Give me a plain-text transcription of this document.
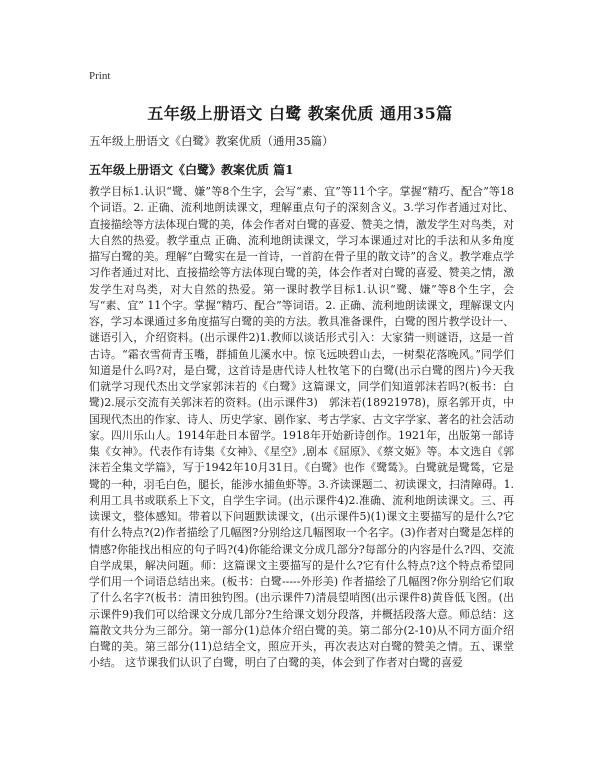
Print
五年级上册语文 白鹭 教案优质 通用35篇
五年级上册语文《白鹭》教案优质（通用35篇）
五年级上册语文《白鹭》教案优质 篇1
教学目标1.认识“鹭、嫌”等8个生字，会写“素、宜”等11个字。掌握“精巧、配合”等18个词语。2. 正确、流利地朗读课文，理解重点句子的深刻含义。3.学习作者通过对比、直接描绘等方法体现白鹭的美，体会作者对白鹭的喜爱、赞美之情，激发学生对鸟类，对大自然的热爱。教学重点 正确、流利地朗读课文，学习本课通过对比的手法和从多角度描写白鹭的美。理解“白鹭实在是一首诗，一首韵在骨子里的散文诗”的含义。教学难点学习作者通过对比、直接描绘等方法体现白鹭的美，体会作者对白鹭的喜爱、赞美之情，激发学生对鸟类，对大自然的热爱。第一课时教学目标1.认识“鹭、嫌”等8个生字，会写“素、宜” 11个字。掌握“精巧、配合”等词语。2. 正确、流利地朗读课文，理解课文内容，学习本课通过多角度描写白鹭的美的方法。教具准备课件，白鹭的图片教学设计一、谜语引入，介绍资料。(出示课件2)1.教师以谈话形式引入：大家猜一则谜语，这是一首古诗。“霜衣雪荷青玉嘴，群捕鱼儿溪水中。惊飞远映碧山去，一树梨花落晚风。”同学们知道是什么吗?对，是白鹭，这首诗是唐代诗人杜牧笔下的白鹭(出示白鹭的图片)今天我们就学习现代杰出文学家郭沫若的《白鹭》这篇课文，同学们知道郭沫若吗?(板书：白鹭)2.展示交流有关郭沫若的资料。(出示课件3)　郭沫若(18921978)，原名郭开贞，中国现代杰出的作家、诗人、历史学家、剧作家、考古学家、古文字学家、著名的社会活动家。四川乐山人。1914年赴日本留学。1918年开始新诗创作。1921年，出版第一部诗集《女神》。代表作有诗集《女神》、《星空》,剧本《屈原》、《蔡文姬》等。本文选自《郭沫若全集文学篇》，写于1942年10月31日。《白鹭》也作《鹭鸶》。白鹭就是鹭鸶，它是鹭的一种，羽毛白色，腿长，能涉水捕鱼虾等。3.齐读课题二、初读课文，扫清障碍。1.利用工具书或联系上下文，自学生字词。(出示课件4)2.准确、流利地朗读课文。三、再读课文，整体感知。带着以下问题默读课文，(出示课件5)(1)课文主要描写的是什么?它有什么特点?(2)作者描绘了几幅图?分别给这几幅图取一个名字。(3)作者对白鹭是怎样的情感?你能找出相应的句子吗?(4)你能给课文分成几部分?每部分的内容是什么?四、交流自学成果，解决问题。师：这篇课文主要描写的是什么?它有什么特点?这个特点希望同学们用一个词语总结出来。(板书：白鹭-----外形美) 作者描绘了几幅图?你分别给它们取了什么名字?(板书：清田独钓图。(出示课件7)清晨望哨图(出示课件8)黄昏低飞图。(出示课件9)我们可以给课文分成几部分?生给课文划分段落，并概括段落大意。师总结：这篇散文共分为三部分。第一部分(1)总体介绍白鹭的美。第二部分(2-10)从不同方面介绍白鹭的美。第三部分(11)总结全文，照应开头，再次表达对白鹭的赞美之情。五、课堂小结。 这节课我们认识了白鹭，明白了白鹭的美，体会到了作者对白鹭的喜爱
